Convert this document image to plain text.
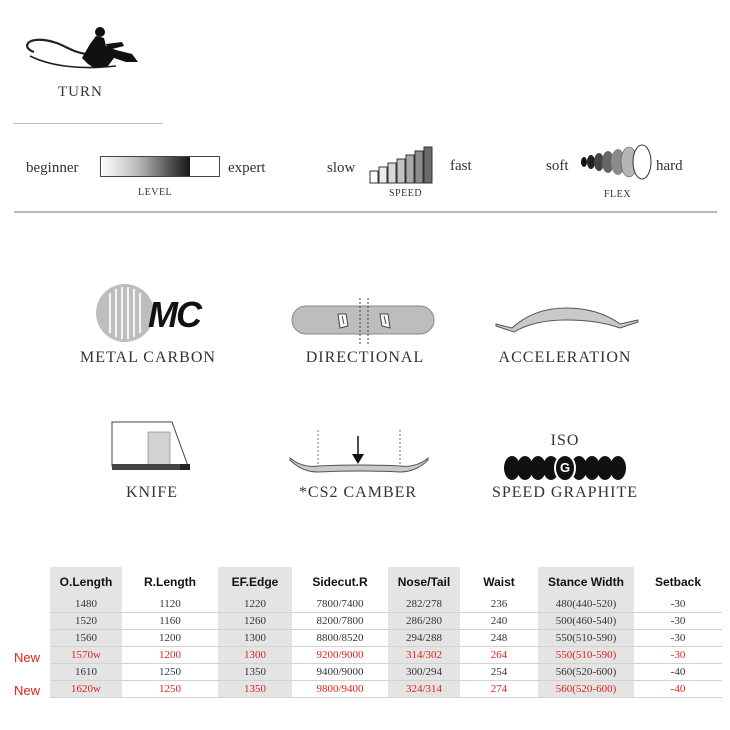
TURN
beginner	expert
LEVEL
slow	fast
SPEED
soft	hard
FLEX
MC
METAL CARBON	DIRECTIONAL	ACCELERATION
KNIFE	*CS2 CAMBER
ISO
G
SPEED GRAPHITE
New
New
O.Length	R.Length	EF.Edge	Sidecut.R	Nose/Tail	Waist	Stance Width	Setback
1480	1120	1220	7800/7400	282/278	236	480(440-520)	-30
1520	1160	1260	8200/7800	286/280	240	500(460-540)	-30
1560	1200	1300	8800/8520	294/288	248	550(510-590)	-30
1570w	1200	1300	9200/9000	314/302	264	550(510-590)	-30
1610	1250	1350	9400/9000	300/294	254	560(520-600)	-40
1620w	1250	1350	9800/9400	324/314	274	560(520-600)	-40
